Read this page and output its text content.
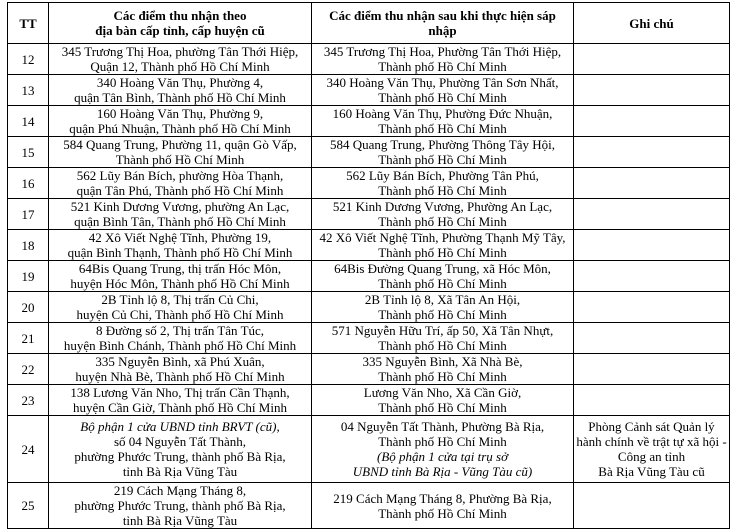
TT	Các điểm thu nhận theo
địa bàn cấp tỉnh, cấp huyện cũ	Các điểm thu nhận sau khi thực hiện sáp nhập	Ghi chú
12	345 Trương Thị Hoa, phường Tân Thới Hiệp,
Quận 12, Thành phố Hồ Chí Minh	345 Trương Thị Hoa, Phường Tân Thới Hiệp,
Thành phố Hồ Chí Minh	

13	340 Hoàng Văn Thụ, Phường 4,
quận Tân Bình, Thành phố Hồ Chí Minh	340 Hoàng Văn Thụ, Phường Tân Sơn Nhất,
Thành phố Hồ Chí Minh	

14	160 Hoàng Văn Thụ, Phường 9,
quận Phú Nhuận, Thành phố Hồ Chí Minh	160 Hoàng Văn Thụ, Phường Đức Nhuận,
Thành phố Hồ Chí Minh	

15	584 Quang Trung, Phường 11, quận Gò Vấp,
Thành phố Hồ Chí Minh	584 Quang Trung, Phường Thông Tây Hội,
Thành phố Hồ Chí Minh	

16	562 Lũy Bán Bích, phường Hòa Thạnh,
quận Tân Phú, Thành phố Hồ Chí Minh	562 Lũy Bán Bích, Phường Tân Phú,
Thành phố Hồ Chí Minh	

17	521 Kinh Dương Vương, phường An Lạc,
quận Bình Tân, Thành phố Hồ Chí Minh	521 Kinh Dương Vương, Phường An Lạc,
Thành phố Hồ Chí Minh	

18	42 Xô Viết Nghệ Tĩnh, Phường 19,
quận Bình Thạnh, Thành phố Hồ Chí Minh	42 Xô Viết Nghệ Tĩnh, Phường Thạnh Mỹ Tây,
Thành phố Hồ Chí Minh	

19	64Bis Quang Trung, thị trấn Hóc Môn,
huyện Hóc Môn, Thành phố Hồ Chí Minh	64Bis Đường Quang Trung, xã Hóc Môn,
Thành phố Hồ Chí Minh	

20	2B Tỉnh lộ 8, Thị trấn Củ Chi,
huyện Củ Chi, Thành phố Hồ Chí Minh	2B Tỉnh lộ 8, Xã Tân An Hội,
Thành phố Hồ Chí Minh	

21	8 Đường số 2, Thị trấn Tân Túc,
huyện Bình Chánh, Thành phố Hồ Chí Minh	571 Nguyễn Hữu Trí, ấp 50, Xã Tân Nhựt,
Thành phố Hồ Chí Minh	

22	335 Nguyễn Bình, xã Phú Xuân,
huyện Nhà Bè, Thành phố Hồ Chí Minh	335 Nguyễn Bình, Xã Nhà Bè,
Thành phố Hồ Chí Minh	

23	138 Lương Văn Nho, Thị trấn Cần Thạnh,
huyện Cần Giờ, Thành phố Hồ Chí Minh	Lương Văn Nho, Xã Cần Giờ,
Thành phố Hồ Chí Minh	

24	Bộ phận 1 cửa UBND tỉnh BRVT (cũ),
số 04 Nguyễn Tất Thành,
phường Phước Trung, thành phố Bà Rịa,
tỉnh Bà Rịa Vũng Tàu	04 Nguyễn Tất Thành, Phường Bà Rịa,
Thành phố Hồ Chí Minh
(Bộ phận 1 cửa tại trụ sở
UBND tỉnh Bà Rịa - Vũng Tàu cũ)	Phòng Cảnh sát Quản lý
hành chính về trật tự xã hội -
Công an tỉnh
Bà Rịa Vũng Tàu cũ

25	219 Cách Mạng Tháng 8,
phường Phước Trung, thành phố Bà Rịa,
tỉnh Bà Rịa Vũng Tàu	219 Cách Mạng Tháng 8, Phường Bà Rịa,
Thành phố Hồ Chí Minh	
